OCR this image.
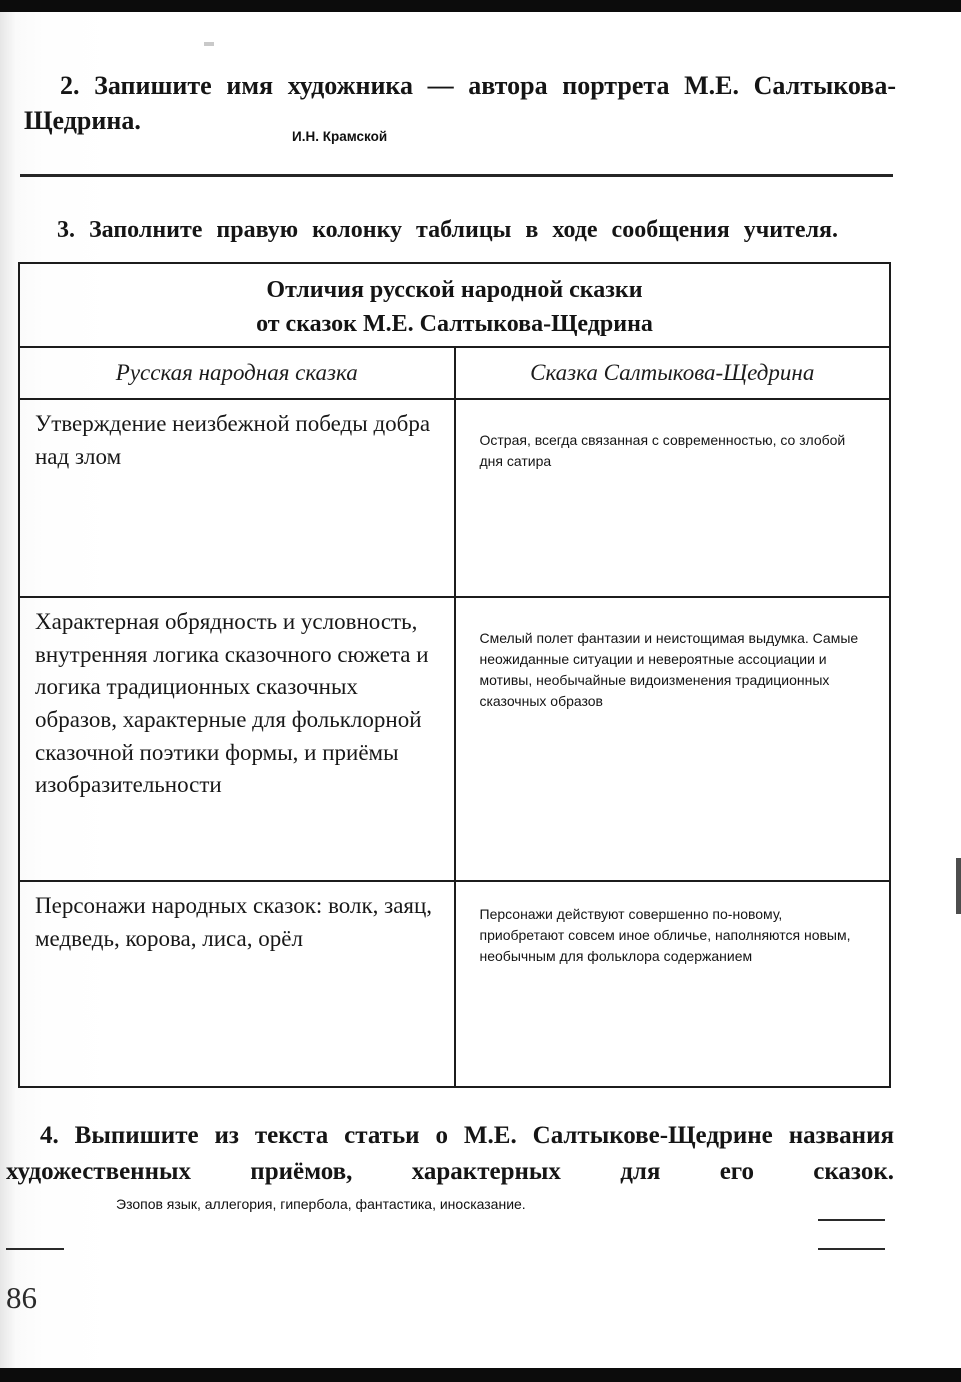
2. Запишите имя художника — автора портрета М.Е. Салтыкова-Щедрина.

И.Н. Крамской

3. Заполните правую колонку таблицы в ходе сообщения учителя.

Отличия русской народной сказки
от сказок М.Е. Салтыкова-Щедрина	

Русская народная сказка	Сказка Салтыкова-Щедрина
Утверждение неизбежной победы добра над злом	Острая, всегда связанная с современностью, со злобой дня сатира
Характерная обрядность и условность, внутренняя логика сказочного сюжета и логика традиционных сказочных образов, характерные для фольклорной сказочной поэтики формы, и приёмы изобразительности	Смелый полет фантазии и неистощимая выдумка. Самые неожиданные ситуации и невероятные ассоциации и мотивы, необычайные видоизменения традиционных сказочных образов
Персонажи народных сказок: волк, заяц, медведь, корова, лиса, орёл	Персонажи действуют совершенно по-новому, приобретают совсем иное обличье, наполняются новым, необычным для фольклора содержанием

4. Выпишите из текста статьи о М.Е. Салтыкове-Щедрине названия художественных приёмов, характерных для его сказок.

Эзопов язык, аллегория, гипербола, фантастика, иносказание.
86
